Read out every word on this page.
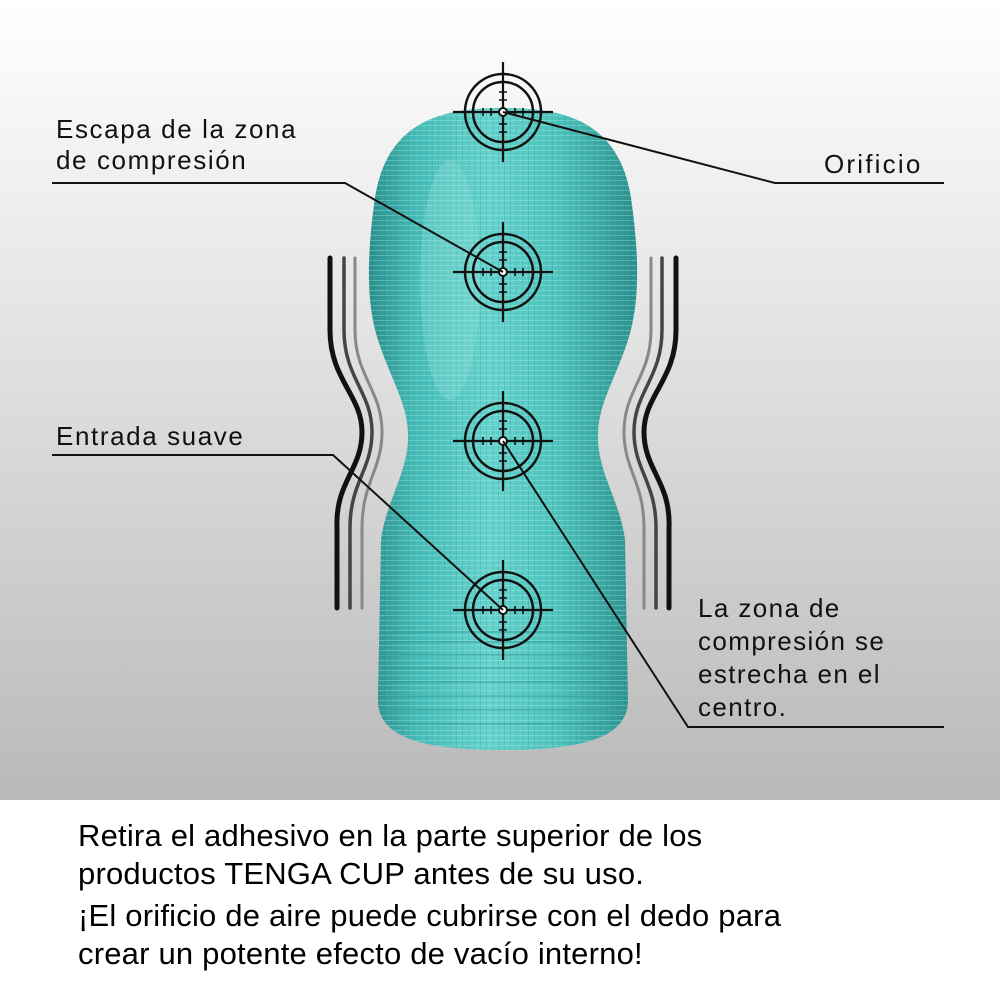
Escapa de la zona
de compresión	Orificio

Entrada suave

La zona de
compresión se
estrecha en el
centro.

Retira el adhesivo en la parte superior de los

productos TENGA CUP antes de su uso.

¡El orificio de aire puede cubrirse con el dedo para

crear un potente efecto de vacío interno!
